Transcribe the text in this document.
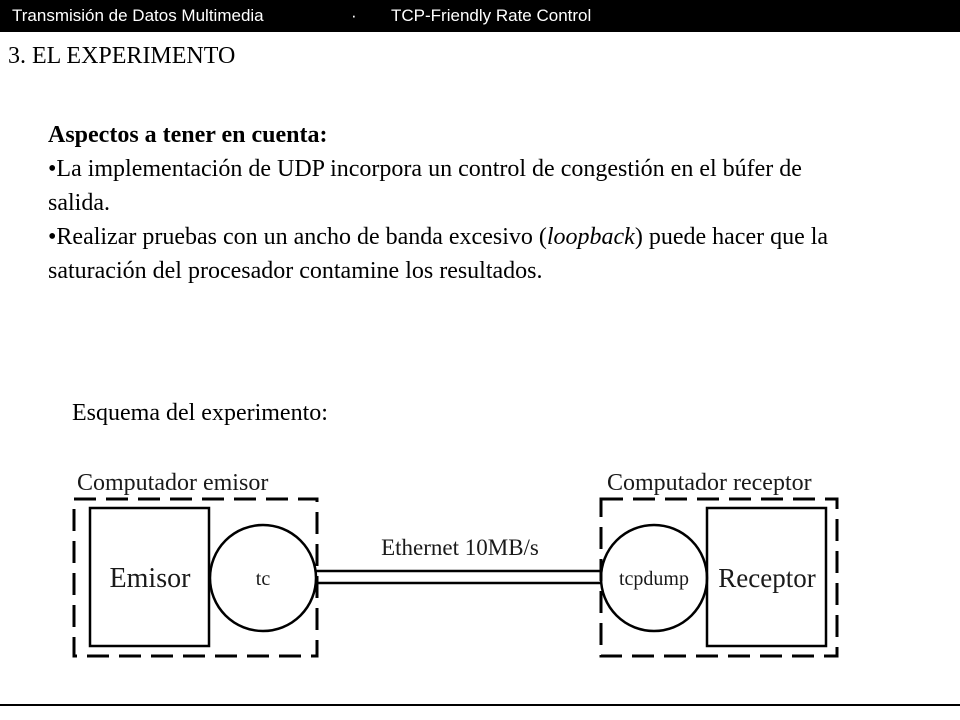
Transmisión de Datos Multimedia

	·

TCP-Friendly Rate Control

3. EL EXPERIMENTO

Aspectos a tener en cuenta:

•La implementación de UDP incorpora un control de congestión en el búfer de salida.

•Realizar pruebas con un ancho de banda excesivo (loopback) puede hacer que la saturación del procesador contamine los resultados.

Esquema del experimento:
Computador emisor
Emisor	tc
Ethernet 10MB/s
Computador receptor
tcpdump Receptor
